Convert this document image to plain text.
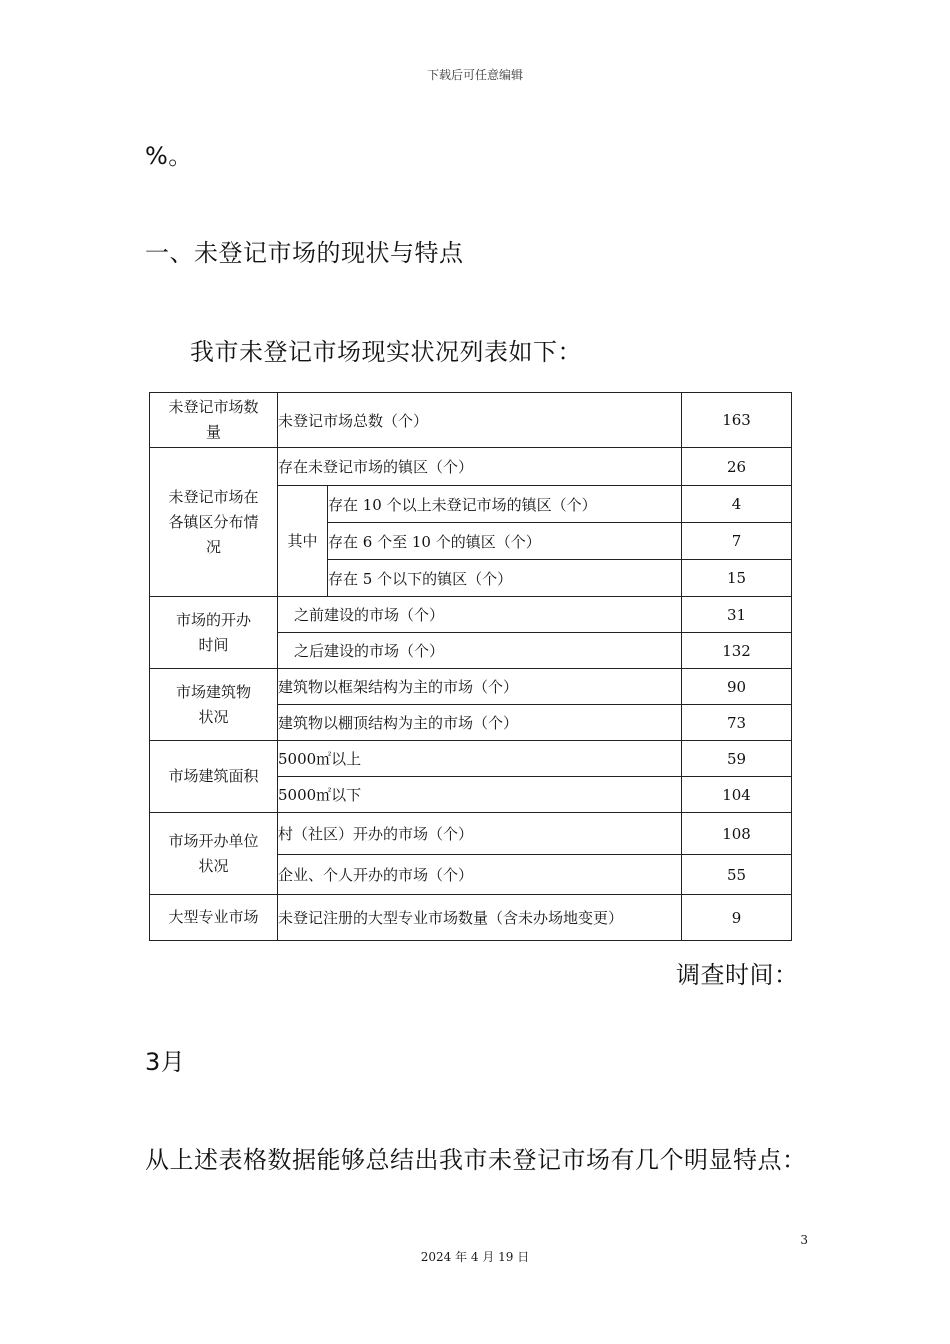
下载后可任意编辑
%。
一、未登记市场的现状与特点
我市未登记市场现实状况列表如下：
未登记市场数量	未登记市场总数（个）		163
未登记市场在各镇区分布情况	存在未登记市场的镇区（个）		26
	其中	存在 10 个以上未登记市场的镇区（个）	4
		存在 6 个至 10 个的镇区（个）	7
		存在 5 个以下的镇区（个）	15
市场的开办时间	之前建设的市场（个）		31
	之后建设的市场（个）		132
市场建筑物状况	建筑物以框架结构为主的市场（个）		90
	建筑物以棚顶结构为主的市场（个）		73
市场建筑面积	5000㎡以上		59
	5000㎡以下		104
市场开办单位状况	村（社区）开办的市场（个）		108
	企业、个人开办的市场（个）		55
大型专业市场	未登记注册的大型专业市场数量（含未办场地变更）		9
调查时间：
3月
从上述表格数据能够总结出我市未登记市场有几个明显特点：
3
2024 年 4 月 19 日
